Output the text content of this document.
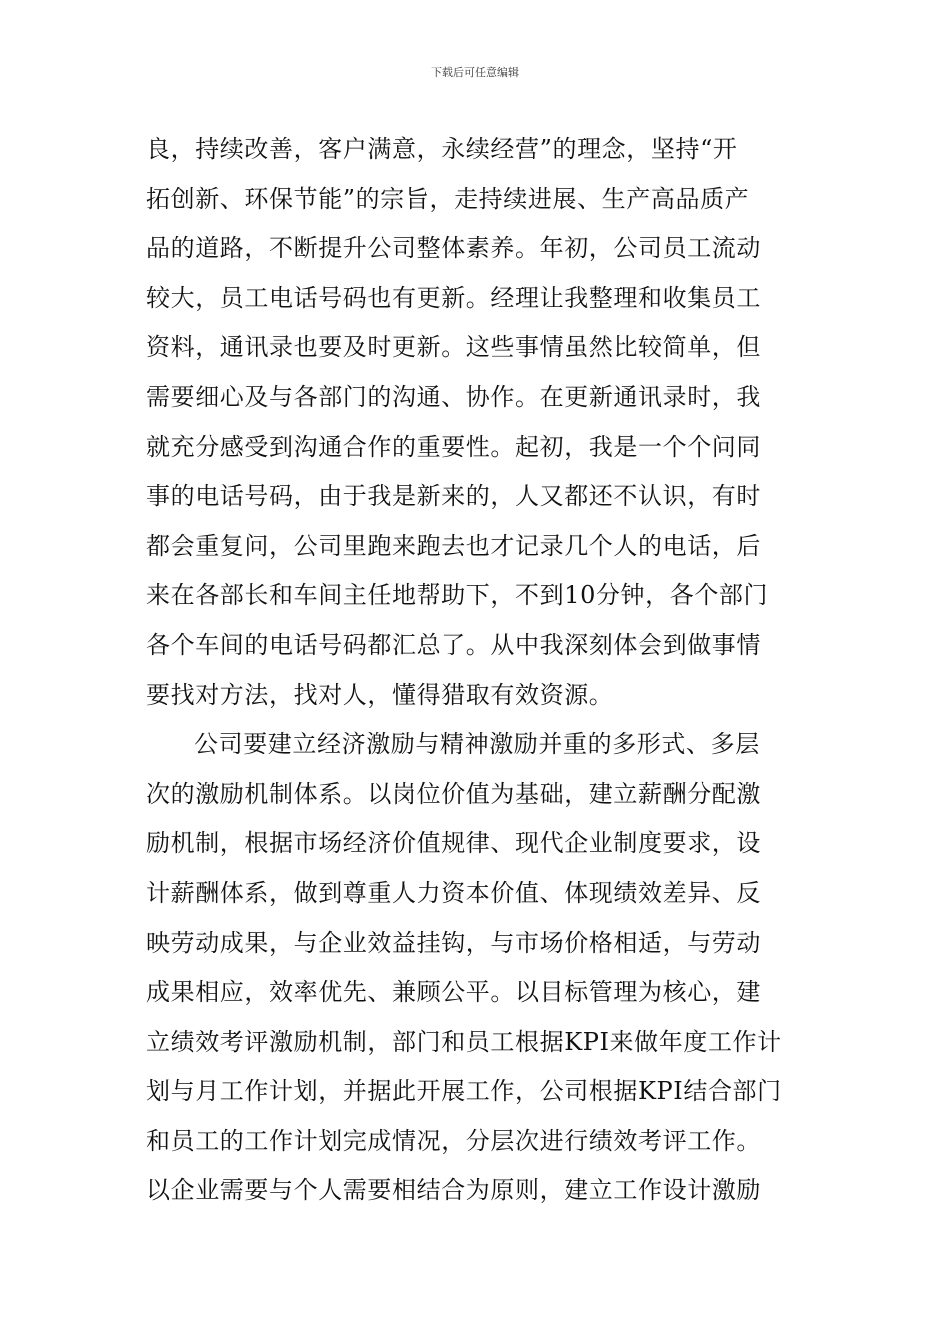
下载后可任意编辑
良，持续改善，客户满意，永续经营”的理念，坚持“开
拓创新、环保节能”的宗旨，走持续进展、生产高品质产
品的道路，不断提升公司整体素养。年初，公司员工流动
较大，员工电话号码也有更新。经理让我整理和收集员工
资料，通讯录也要及时更新。这些事情虽然比较简单，但
需要细心及与各部门的沟通、协作。在更新通讯录时，我
就充分感受到沟通合作的重要性。起初，我是一个个问同
事的电话号码，由于我是新来的，人又都还不认识，有时
都会重复问，公司里跑来跑去也才记录几个人的电话，后
来在各部长和车间主任地帮助下，不到10分钟，各个部门
各个车间的电话号码都汇总了。从中我深刻体会到做事情
要找对方法，找对人，懂得猎取有效资源。
公司要建立经济激励与精神激励并重的多形式、多层
次的激励机制体系。以岗位价值为基础，建立薪酬分配激
励机制，根据市场经济价值规律、现代企业制度要求，设
计薪酬体系，做到尊重人力资本价值、体现绩效差异、反
映劳动成果，与企业效益挂钩，与市场价格相适，与劳动
成果相应，效率优先、兼顾公平。以目标管理为核心，建
立绩效考评激励机制，部门和员工根据KPI来做年度工作计
划与月工作计划，并据此开展工作，公司根据KPI结合部门
和员工的工作计划完成情况，分层次进行绩效考评工作。
以企业需要与个人需要相结合为原则，建立工作设计激励
